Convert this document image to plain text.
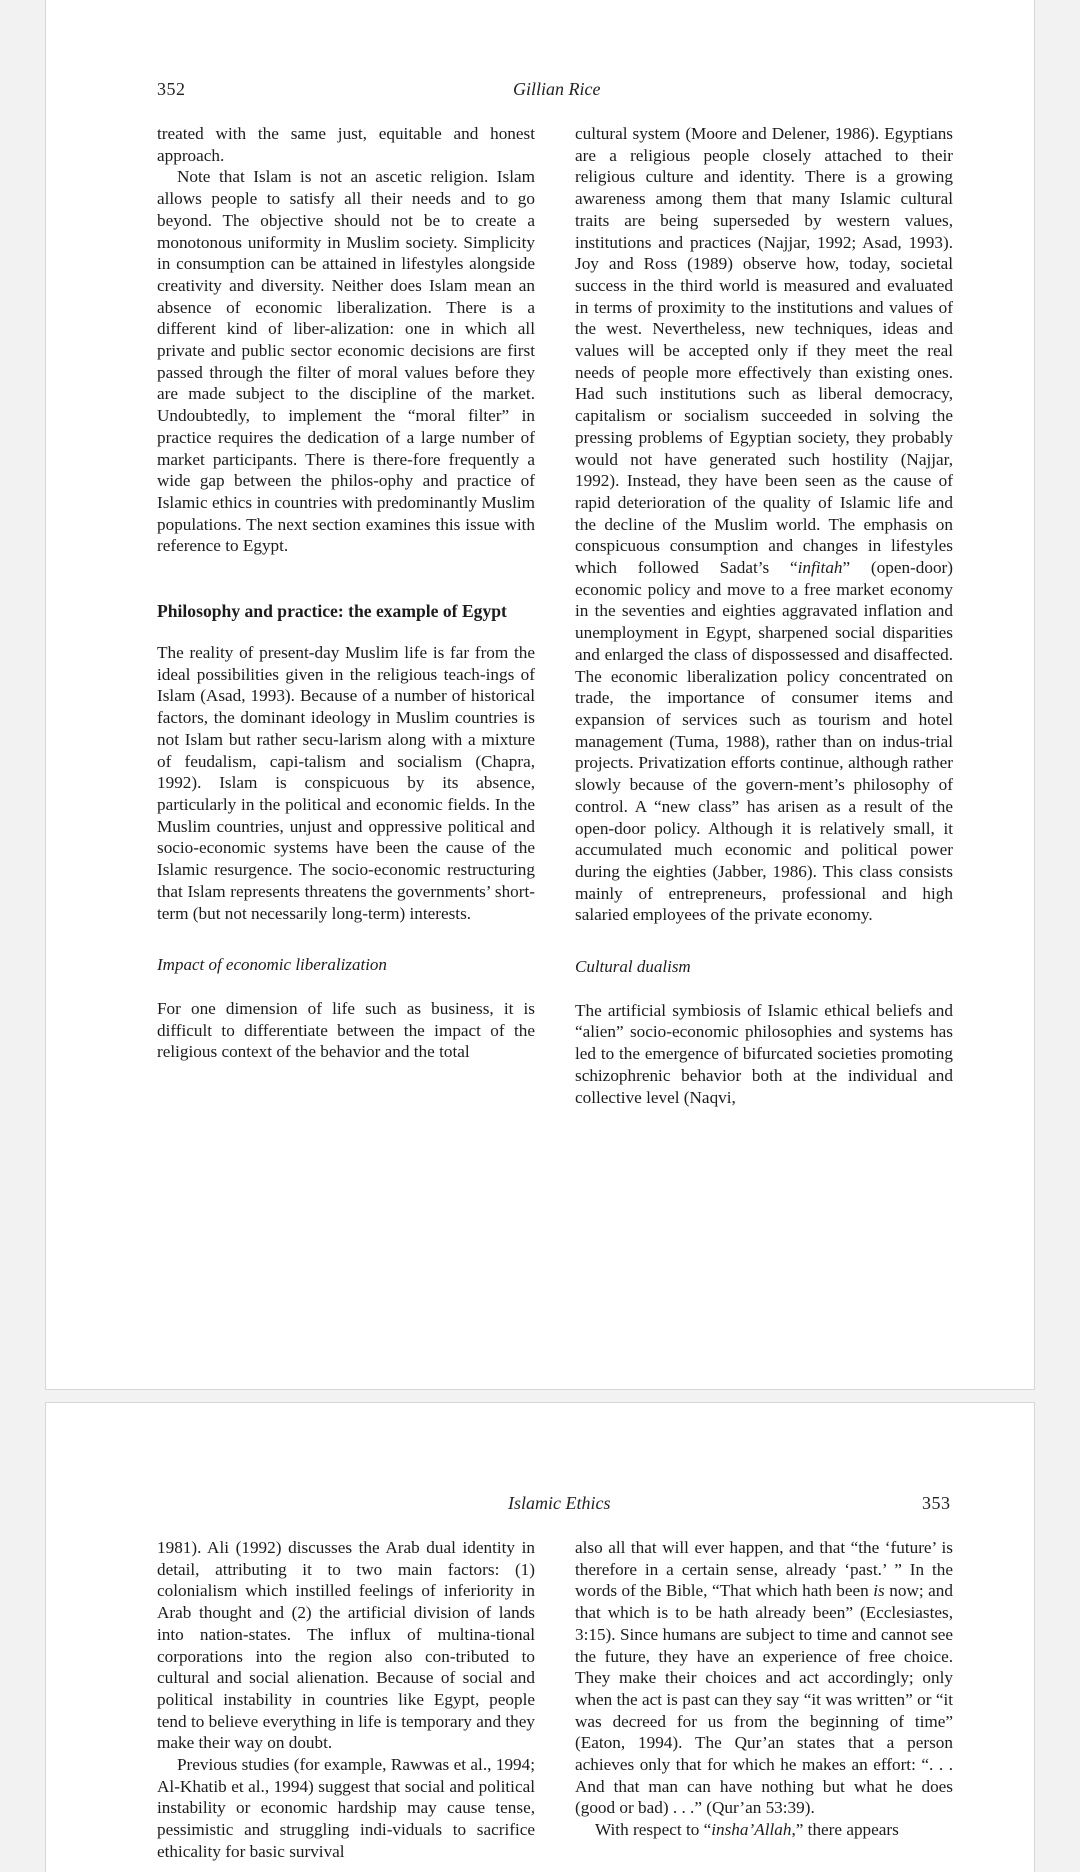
352	Gillian Rice

treated with the same just, equitable and honest approach.

Note that Islam is not an ascetic religion. Islam allows people to satisfy all their needs and to go beyond. The objective should not be to create a monotonous uniformity in Muslim society. Simplicity in consumption can be attained in lifestyles alongside creativity and diversity. Neither does Islam mean an absence of economic liberalization. There is a different kind of liber-alization: one in which all private and public sector economic decisions are first passed through the filter of moral values before they are made subject to the discipline of the market. Undoubtedly, to implement the “moral filter” in practice requires the dedication of a large number of market participants. There is there-fore frequently a wide gap between the philos-ophy and practice of Islamic ethics in countries with predominantly Muslim populations. The next section examines this issue with reference to Egypt.

Philosophy and practice: the example of Egypt

The reality of present-day Muslim life is far from the ideal possibilities given in the religious teach-ings of Islam (Asad, 1993). Because of a number of historical factors, the dominant ideology in Muslim countries is not Islam but rather secu-larism along with a mixture of feudalism, capi-talism and socialism (Chapra, 1992). Islam is conspicuous by its absence, particularly in the political and economic fields. In the Muslim countries, unjust and oppressive political and socio-economic systems have been the cause of the Islamic resurgence. The socio-economic restructuring that Islam represents threatens the governments’ short-term (but not necessarily long-term) interests.

Impact of economic liberalization

For one dimension of life such as business, it is difficult to differentiate between the impact of the religious context of the behavior and the total

cultural system (Moore and Delener, 1986). Egyptians are a religious people closely attached to their religious culture and identity. There is a growing awareness among them that many Islamic cultural traits are being superseded by western values, institutions and practices (Najjar, 1992; Asad, 1993). Joy and Ross (1989) observe how, today, societal success in the third world is measured and evaluated in terms of proximity to the institutions and values of the west. Nevertheless, new techniques, ideas and values will be accepted only if they meet the real needs of people more effectively than existing ones. Had such institutions such as liberal democracy, capitalism or socialism succeeded in solving the pressing problems of Egyptian society, they probably would not have generated such hostility (Najjar, 1992). Instead, they have been seen as the cause of rapid deterioration of the quality of Islamic life and the decline of the Muslim world. The emphasis on conspicuous consumption and changes in lifestyles which followed Sadat’s “infitah” (open-door) economic policy and move to a free market economy in the seventies and eighties aggravated inflation and unemployment in Egypt, sharpened social disparities and enlarged the class of dispossessed and disaffected. The economic liberalization policy concentrated on trade, the importance of consumer items and expansion of services such as tourism and hotel management (Tuma, 1988), rather than on indus-trial projects. Privatization efforts continue, although rather slowly because of the govern-ment’s philosophy of control. A “new class” has arisen as a result of the open-door policy. Although it is relatively small, it accumulated much economic and political power during the eighties (Jabber, 1986). This class consists mainly of entrepreneurs, professional and high salaried employees of the private economy.

Cultural dualism

The artificial symbiosis of Islamic ethical beliefs and “alien” socio-economic philosophies and systems has led to the emergence of bifurcated societies promoting schizophrenic behavior both at the individual and collective level (Naqvi,

Islamic Ethics	353

1981). Ali (1992) discusses the Arab dual identity in detail, attributing it to two main factors: (1) colonialism which instilled feelings of inferiority in Arab thought and (2) the artificial division of lands into nation-states. The influx of multina-tional corporations into the region also con-tributed to cultural and social alienation. Because of social and political instability in countries like Egypt, people tend to believe everything in life is temporary and they make their way on doubt.

Previous studies (for example, Rawwas et al., 1994; Al-Khatib et al., 1994) suggest that social and political instability or economic hardship may cause tense, pessimistic and struggling indi-viduals to sacrifice ethicality for basic survival

also all that will ever happen, and that “the ‘future’ is therefore in a certain sense, already ‘past.’ ” In the words of the Bible, “That which hath been is now; and that which is to be hath already been” (Ecclesiastes, 3:15). Since humans are subject to time and cannot see the future, they have an experience of free choice. They make their choices and act accordingly; only when the act is past can they say “it was written” or “it was decreed for us from the beginning of time” (Eaton, 1994). The Qur’an states that a person achieves only that for which he makes an effort: “. . . And that man can have nothing but what he does (good or bad) . . .” (Qur’an 53:39).

With respect to “insha’Allah,” there appears
